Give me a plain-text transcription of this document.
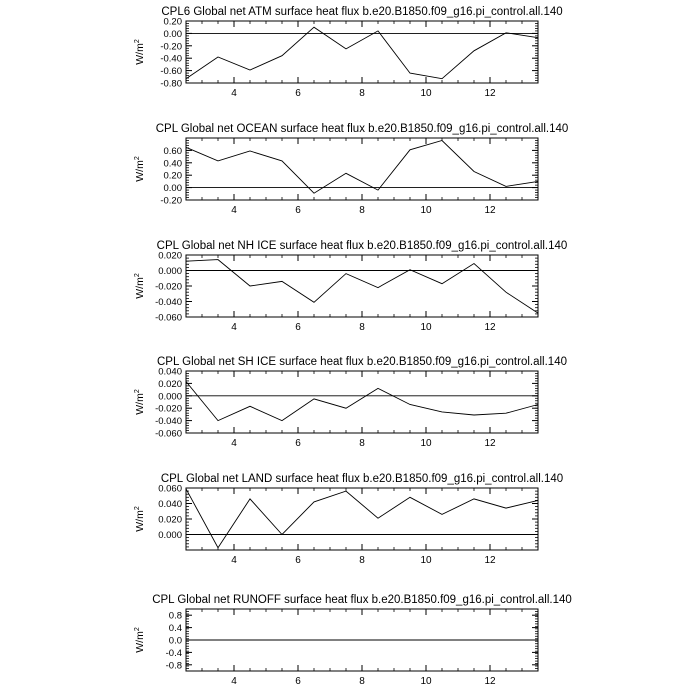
CPL6 Global net ATM surface heat flux b.e20.B1850.f09_g16.pi_control.all.140
4	6	8	10	12
-0.80
-0.60
-0.40
-0.20
0.00
0.20
$W/m^2$
CPL Global net OCEAN surface heat flux b.e20.B1850.f09_g16.pi_control.all.140
4	6	8	10	12
-0.20
0.00
0.20
0.40
0.60
$W/m^2$
CPL Global net NH ICE surface heat flux b.e20.B1850.f09_g16.pi_control.all.140
4	6	8	10	12
-0.060
-0.040
-0.020
0.000
0.020
$W/m^2$
CPL Global net SH ICE surface heat flux b.e20.B1850.f09_g16.pi_control.all.140
4	6	8	10	12
-0.060
-0.040
-0.020
0.000
0.020
0.040
$W/m^2$
CPL Global net LAND surface heat flux b.e20.B1850.f09_g16.pi_control.all.140
4	6	8	10	12
0.000
0.020
0.040
0.060
$W/m^2$
CPL Global net RUNOFF surface heat flux b.e20.B1850.f09_g16.pi_control.all.140
4	6	8	10	12
-0.8
-0.4
0.0
0.4
0.8
$W/m^2$
